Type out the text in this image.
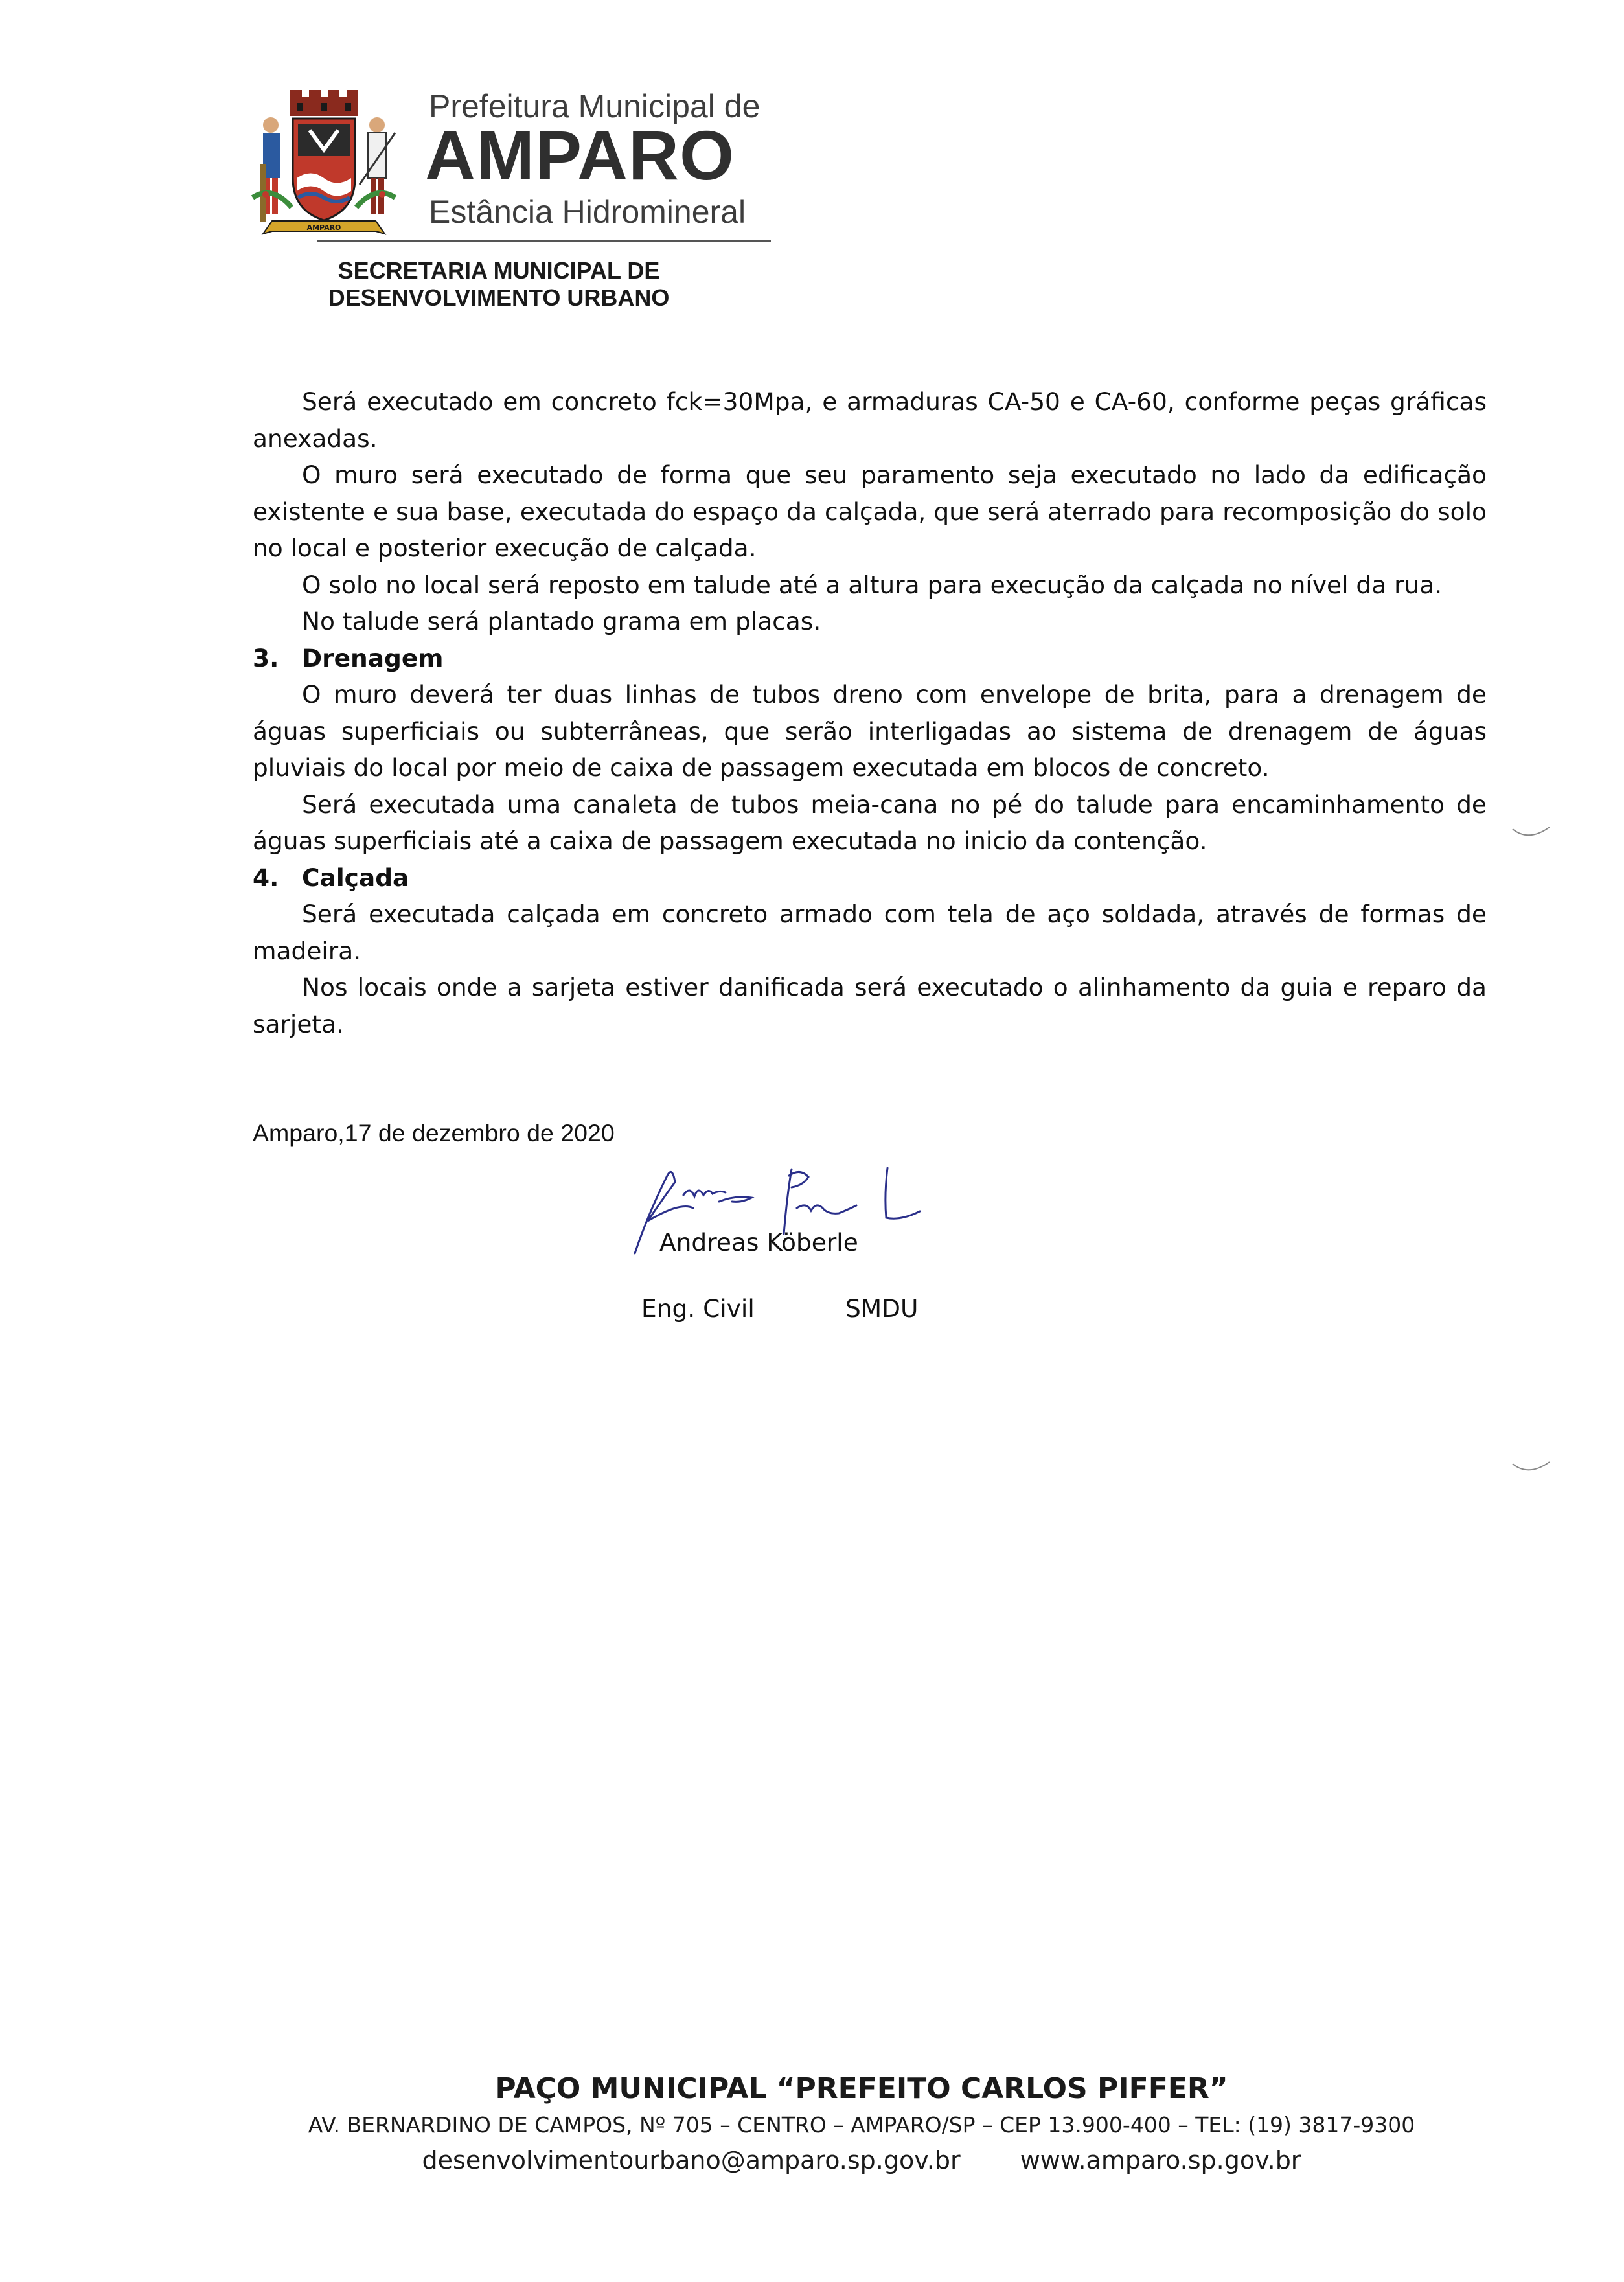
AMPARO
Prefeitura Municipal de
AMPARO
Estância Hidromineral
SECRETARIA MUNICIPAL DE DESENVOLVIMENTO URBANO

Será executado em concreto fck=30Mpa, e armaduras CA-50 e CA-60, conforme peças gráficas anexadas.

O muro será executado de forma que seu paramento seja executado no lado da edificação existente e sua base, executada do espaço da calçada, que será aterrado para recomposição do solo no local e posterior execução de calçada.

O solo no local será reposto em talude até a altura para execução da calçada no nível da rua.

No talude será plantado grama em placas.

3. Drenagem

O muro deverá ter duas linhas de tubos dreno com envelope de brita, para a drenagem de águas superficiais ou subterrâneas, que serão interligadas ao sistema de drenagem de águas pluviais do local por meio de caixa de passagem executada em blocos de concreto.

Será executada uma canaleta de tubos meia-cana no pé do talude para encaminhamento de águas superficiais até a caixa de passagem executada no inicio da contenção.

4. Calçada

Será executada calçada em concreto armado com tela de aço soldada, através de formas de madeira.

Nos locais onde a sarjeta estiver danificada será executado o alinhamento da guia e reparo da sarjeta.

Amparo,17 de dezembro de 2020
Andreas Köberle
Eng. Civil	SMDU
PAÇO MUNICIPAL “PREFEITO CARLOS PIFFER”
AV. BERNARDINO DE CAMPOS, Nº 705 – CENTRO – AMPARO/SP – CEP 13.900-400 – TEL: (19) 3817-9300
desenvolvimentourbano@amparo.sp.gov.br www.amparo.sp.gov.br
